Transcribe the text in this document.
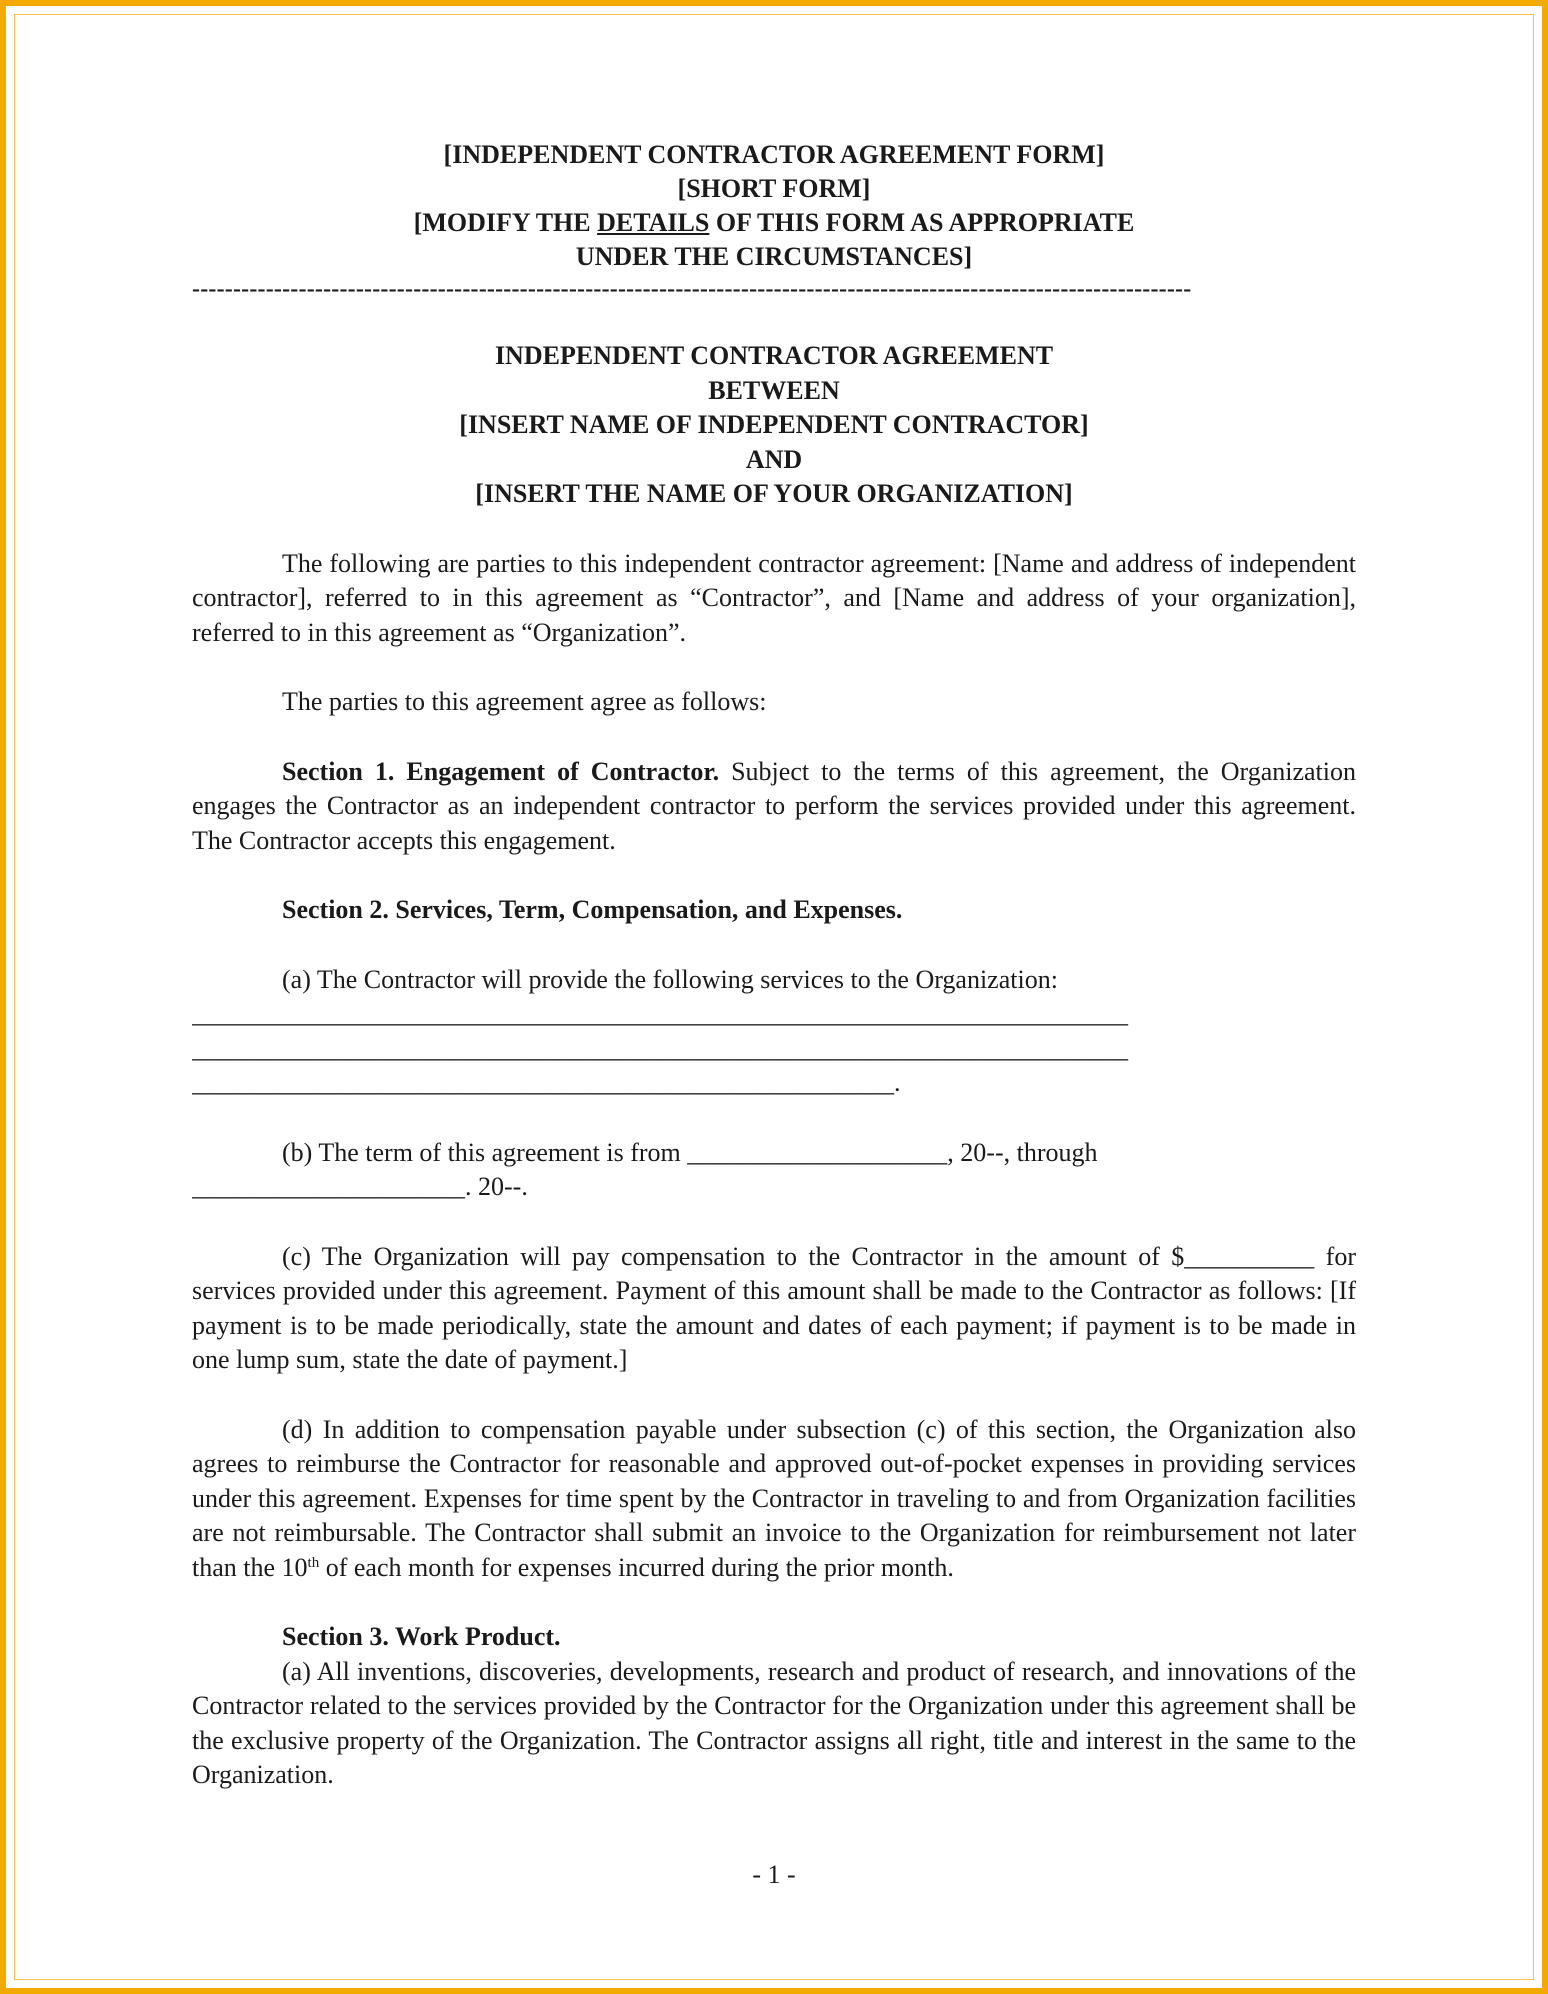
[INDEPENDENT CONTRACTOR AGREEMENT FORM]
[SHORT FORM]
[MODIFY THE DETAILS OF THIS FORM AS APPROPRIATE
UNDER THE CIRCUMSTANCES]
--------------------------------------------------------------------------------------------------------------------------
INDEPENDENT CONTRACTOR AGREEMENT
BETWEEN
[INSERT NAME OF INDEPENDENT CONTRACTOR]
AND
[INSERT THE NAME OF YOUR ORGANIZATION]

The following are parties to this independent contractor agreement: [Name and address of independent contractor], referred to in this agreement as “Contractor”, and [Name and address of your organization], referred to in this agreement as “Organization”.

The parties to this agreement agree as follows:

Section 1. Engagement of Contractor. Subject to the terms of this agreement, the Organization engages the Contractor as an independent contractor to perform the services provided under this agreement. The Contractor accepts this engagement.

Section 2. Services, Term, Compensation, and Expenses.

(a) The Contractor will provide the following services to the Organization:

________________________________________________________________________
________________________________________________________________________
______________________________________________________.
(b) The term of this agreement is from ____________________, 20--, through
_____________________. 20--.

(c) The Organization will pay compensation to the Contractor in the amount of $__________ for services provided under this agreement. Payment of this amount shall be made to the Contractor as follows: [If payment is to be made periodically, state the amount and dates of each payment; if payment is to be made in one lump sum, state the date of payment.]

(d) In addition to compensation payable under subsection (c) of this section, the Organization also agrees to reimburse the Contractor for reasonable and approved out-of-pocket expenses in providing services under this agreement. Expenses for time spent by the Contractor in traveling to and from Organization facilities are not reimbursable. The Contractor shall submit an invoice to the Organization for reimbursement not later than the 10th of each month for expenses incurred during the prior month.

Section 3. Work Product.

(a) All inventions, discoveries, developments, research and product of research, and innovations of the Contractor related to the services provided by the Contractor for the Organization under this agreement shall be the exclusive property of the Organization. The Contractor assigns all right, title and interest in the same to the Organization.

- 1 -
